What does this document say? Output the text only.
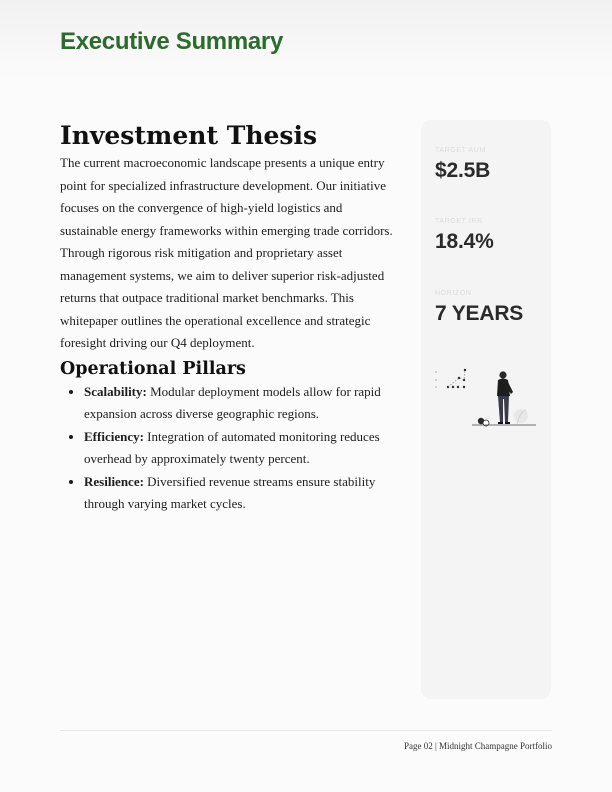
Executive Summary
Investment Thesis

The current macroeconomic landscape presents a unique entry point for specialized infrastructure development. Our initiative focuses on the convergence of high-yield logistics and sustainable energy frameworks within emerging trade corridors.

Through rigorous risk mitigation and proprietary asset management systems, we aim to deliver superior risk-adjusted returns that outpace traditional market benchmarks. This whitepaper outlines the operational excellence and strategic foresight driving our Q4 deployment.

Operational Pillars
• Scalability: Modular deployment models allow for rapid expansion across diverse geographic regions.
• Efficiency: Integration of automated monitoring reduces overhead by approximately twenty percent.
• Resilience: Diversified revenue streams ensure stability through varying market cycles.
TARGET AUM
$2.5B
TARGET IRR
18.4%
HORIZON
7 YEARS
Page 02 | Midnight Champagne Portfolio
